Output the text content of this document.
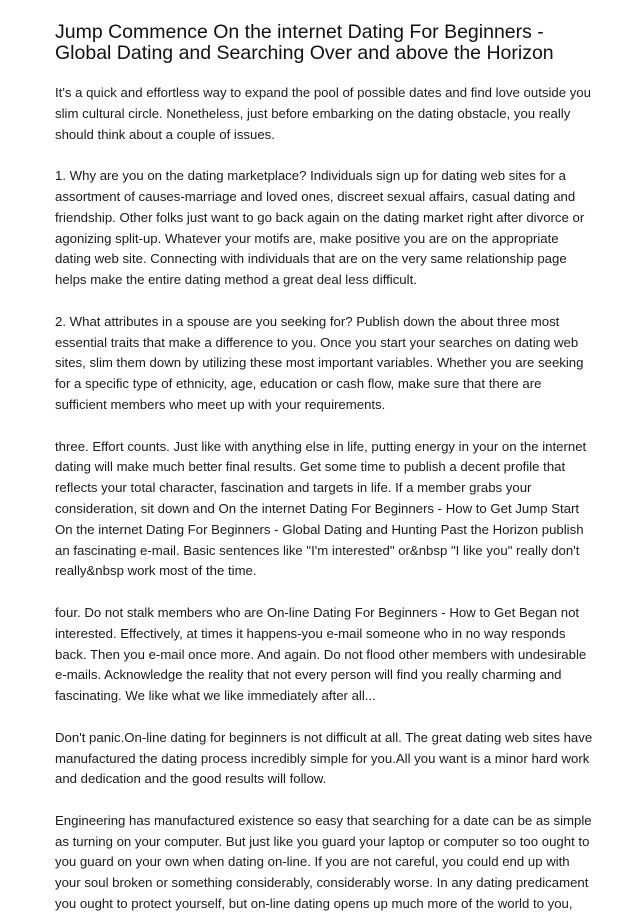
Jump Commence On the internet Dating For Beginners -
Global Dating and Searching Over and above the Horizon

It's a quick and effortless way to expand the pool of possible dates and find love outside you slim cultural circle. Nonetheless, just before embarking on the dating obstacle, you really should think about a couple of issues.

1. Why are you on the dating marketplace? Individuals sign up for dating web sites for a assortment of causes-marriage and loved ones, discreet sexual affairs, casual dating and friendship. Other folks just want to go back again on the dating market right after divorce or agonizing split-up. Whatever your motifs are, make positive you are on the appropriate dating web site. Connecting with individuals that are on the very same relationship page helps make the entire dating method a great deal less difficult.

2. What attributes in a spouse are you seeking for? Publish down the about three most essential traits that make a difference to you. Once you start your searches on dating web sites, slim them down by utilizing these most important variables. Whether you are seeking for a specific type of ethnicity, age, education or cash flow, make sure that there are sufficient members who meet up with your requirements.

three. Effort counts. Just like with anything else in life, putting energy in your on the internet dating will make much better final results. Get some time to publish a decent profile that reflects your total character, fascination and targets in life. If a member grabs your consideration, sit down and On the internet Dating For Beginners - How to Get Jump Start On the internet Dating For Beginners - Global Dating and Hunting Past the Horizon publish an fascinating e-mail. Basic sentences like "I'm interested" or&nbsp "I like you" really don't really&nbsp work most of the time.

four. Do not stalk members who are On-line Dating For Beginners - How to Get Began not interested. Effectively, at times it happens-you e-mail someone who in no way responds back. Then you e-mail once more. And again. Do not flood other members with undesirable e-mails. Acknowledge the reality that not every person will find you really charming and fascinating. We like what we like immediately after all...

Don't panic.On-line dating for beginners is not difficult at all. The great dating web sites have manufactured the dating process incredibly simple for you.All you want is a minor hard work and dedication and the good results will follow.

Engineering has manufactured existence so easy that searching for a date can be as simple as turning on your computer. But just like you guard your laptop or computer so too ought to you guard on your own when dating on-line. If you are not careful, you could end up with your soul broken or something considerably, considerably worse. In any dating predicament you ought to protect yourself, but on-line dating opens up much more of the world to you,
